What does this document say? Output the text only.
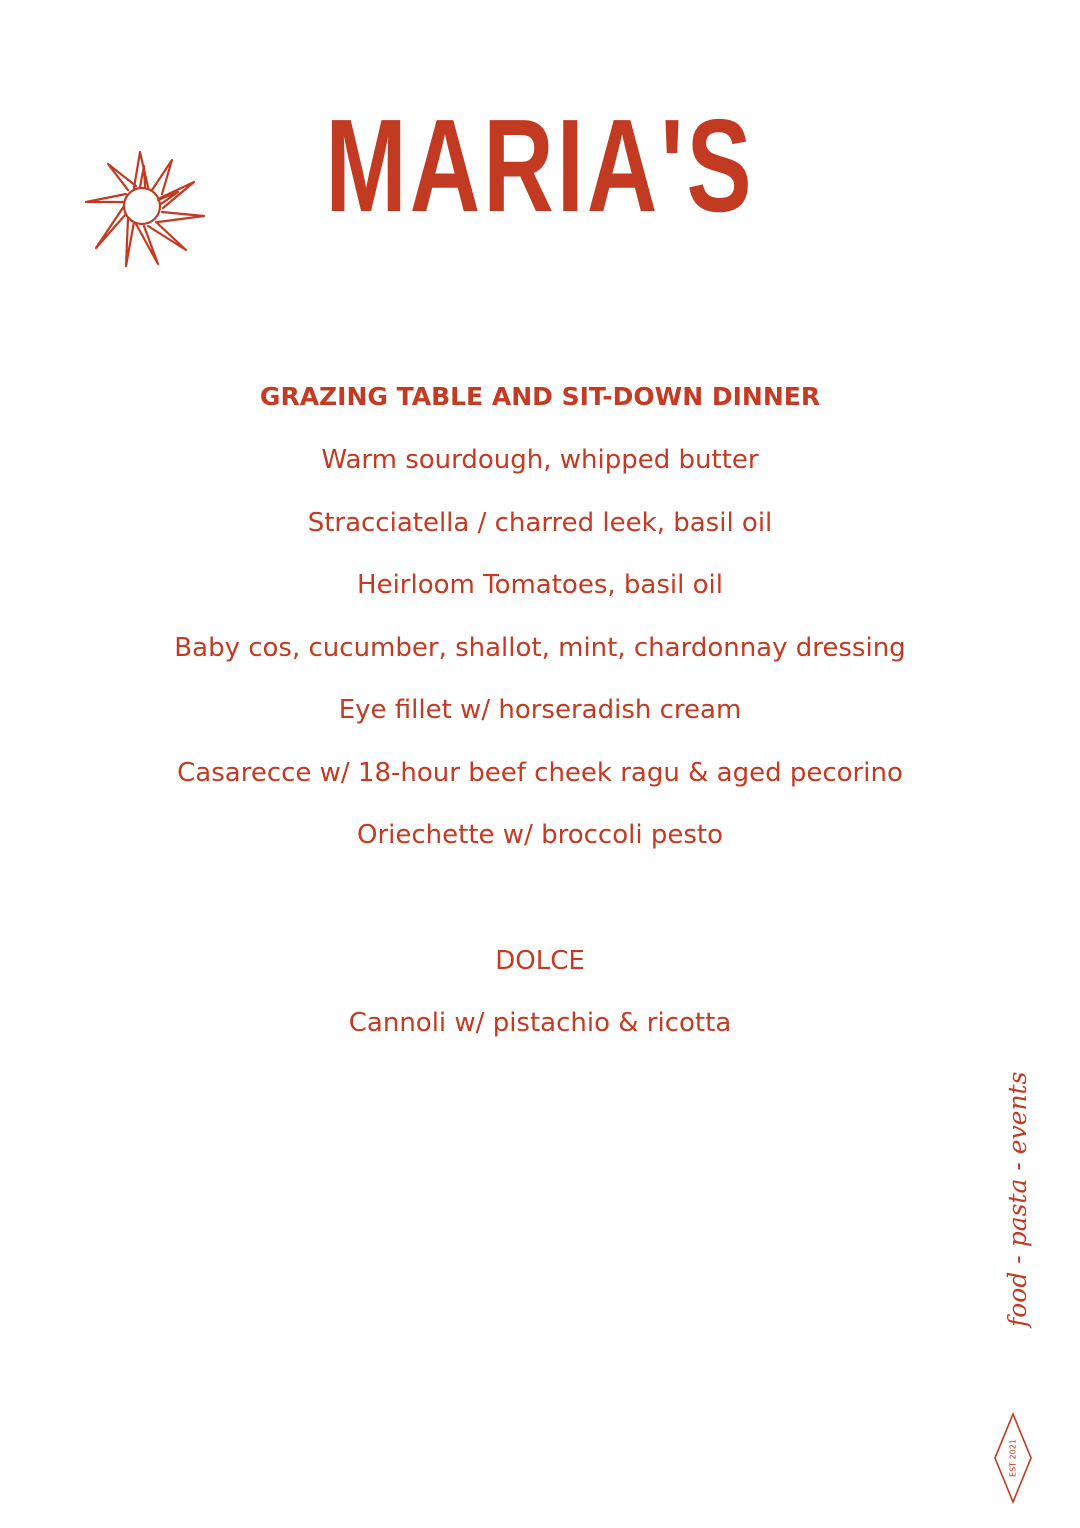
MARIA'S
GRAZING TABLE AND SIT-DOWN DINNER
Warm sourdough, whipped butter
Stracciatella / charred leek, basil oil
Heirloom Tomatoes, basil oil
Baby cos, cucumber, shallot, mint, chardonnay dressing
Eye fillet w/ horseradish cream
Casarecce w/ 18-hour beef cheek ragu & aged pecorino
Oriechette w/ broccoli pesto
DOLCE
Cannoli w/ pistachio & ricotta
food - pasta - events
EST 2021
